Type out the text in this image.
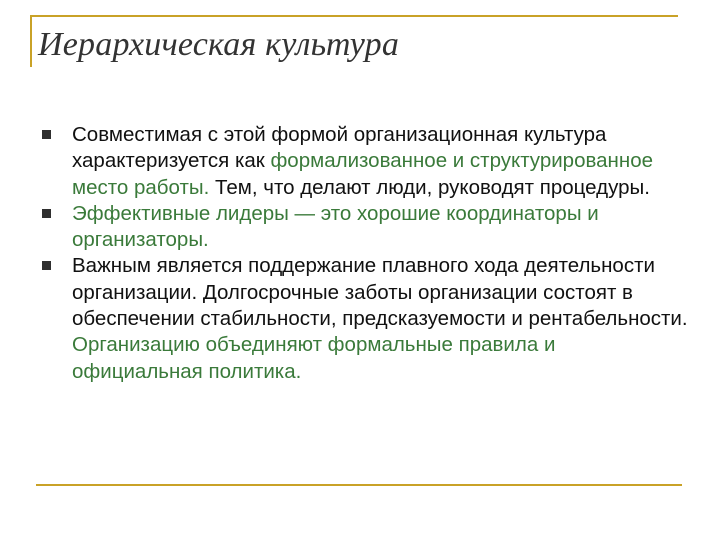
Иерархическая культура
Совместимая с этой формой организационная культура характеризуется как формализованное и структурированное место работы. Тем, что делают люди, руководят процедуры.
Эффективные лидеры — это хорошие координаторы и организаторы.
Важным является поддержание плавного хода деятельности организации. Долгосрочные заботы организации состоят в обеспечении стабильности, предсказуемости и рентабельности. Организацию объединяют формальные правила и официальная политика.
